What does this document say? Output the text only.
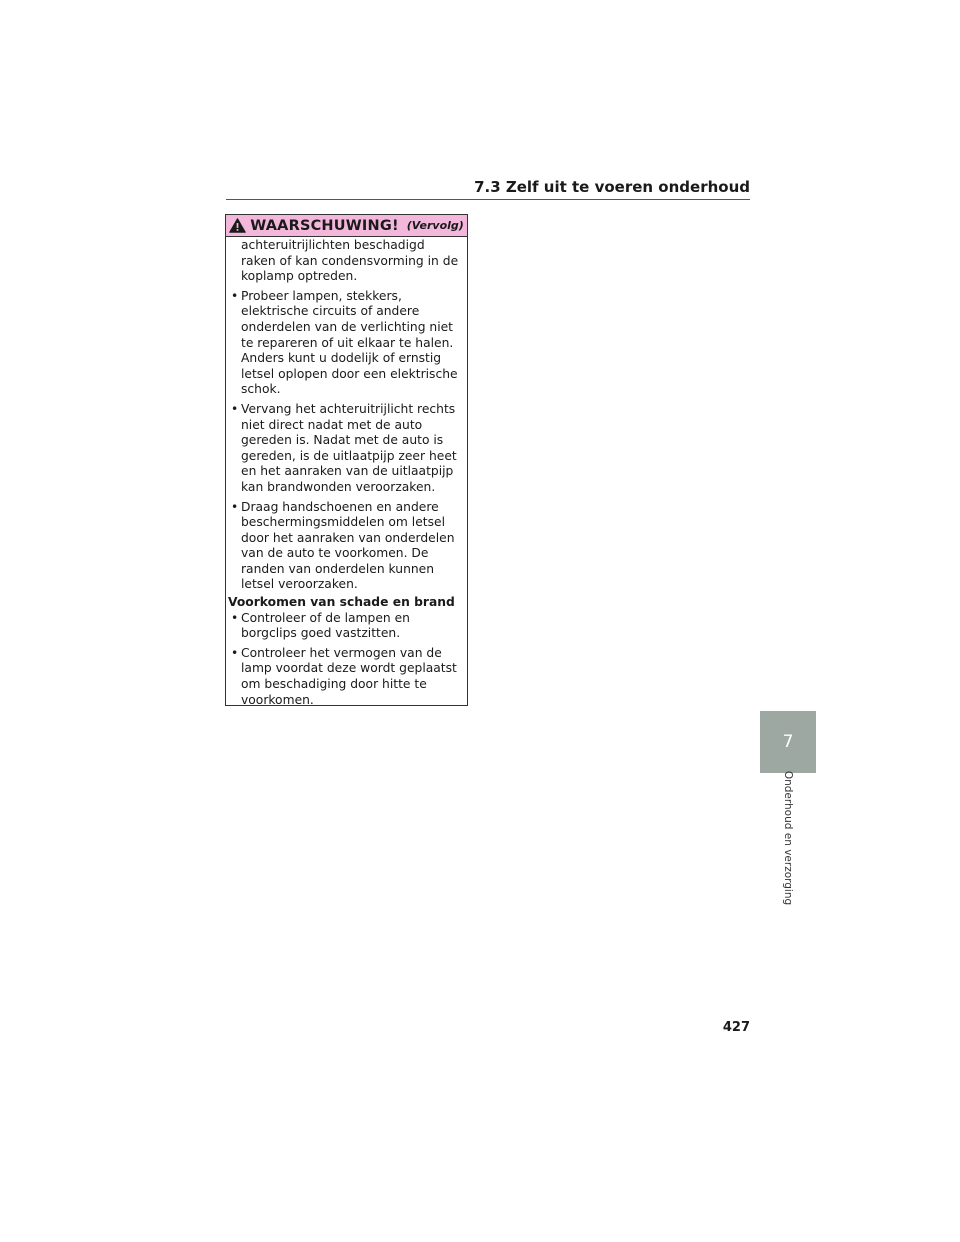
7.3 Zelf uit te voeren onderhoud
WAARSCHUWING! (Vervolg)
achteruitrijlichten beschadigd raken of kan condensvorming in de koplamp optreden.
• Probeer lampen, stekkers, elektrische circuits of andere onderdelen van de verlichting niet te repareren of uit elkaar te halen. Anders kunt u dodelijk of ernstig letsel oplopen door een elektrische schok.
• Vervang het achteruitrijlicht rechts niet direct nadat met de auto gereden is. Nadat met de auto is gereden, is de uitlaatpijp zeer heet en het aanraken van de uitlaatpijp kan brandwonden veroorzaken.
• Draag handschoenen en andere beschermingsmiddelen om letsel door het aanraken van onderdelen van de auto te voorkomen. De randen van onderdelen kunnen letsel veroorzaken.
Voorkomen van schade en brand
• Controleer of de lampen en borgclips goed vastzitten.
• Controleer het vermogen van de lamp voordat deze wordt geplaatst om beschadiging door hitte te voorkomen.
7
Onderhoud en verzorging
427
